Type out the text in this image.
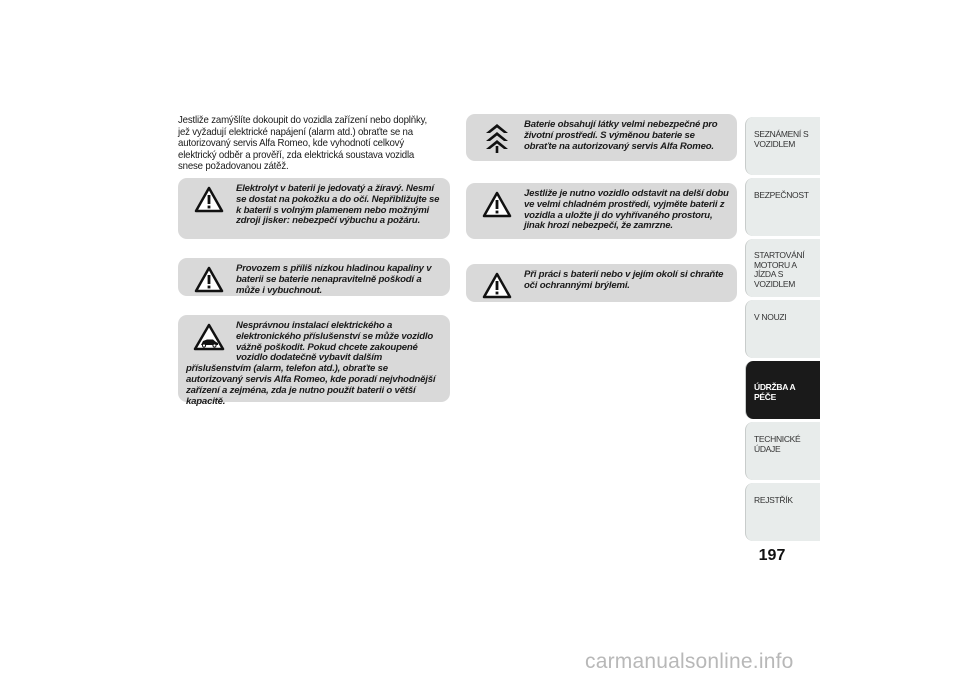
Jestliže zamýšlíte dokoupit do vozidla zařízení nebo doplňky, jež vyžadují elektrické napájení (alarm atd.) obraťte se na autorizovaný servis Alfa Romeo, kde vyhodnotí celkový elektrický odběr a prověří, zda elektrická soustava vozidla snese požadovanou zátěž.
Elektrolyt v baterii je jedovatý a žíravý. Nesmí se dostat na pokožku a do očí. Nepřibližujte se k baterii s volným plamenem nebo možnými zdroji jisker: nebezpečí výbuchu a požáru.
Provozem s příliš nízkou hladinou kapaliny v baterii se baterie nenapravitelně poškodí a může i vybuchnout.
Nesprávnou instalací elektrického a elektronického příslušenství se může vozidlo vážně poškodit. Pokud chcete zakoupené vozidlo dodatečně vybavit dalším příslušenstvím (alarm, telefon atd.), obraťte se autorizovaný servis Alfa Romeo, kde poradí nejvhodnější zařízení a zejména, zda je nutno použít baterii o větší kapacitě.
Baterie obsahují látky velmi nebezpečné pro životní prostředí. S výměnou baterie se obraťte na autorizovaný servis Alfa Romeo.
Jestliže je nutno vozidlo odstavit na delší dobu ve velmi chladném prostředí, vyjměte baterii z vozidla a uložte ji do vyhřívaného prostoru, jinak hrozí nebezpečí, že zamrzne.
Při práci s baterií nebo v jejím okolí si chraňte oči ochrannými brýlemi.
SEZNÁMENÍ S VOZIDLEM
BEZPEČNOST
STARTOVÁNÍ MOTORU A JÍZDA S VOZIDLEM
V NOUZI
ÚDRŽBA A PÉČE
TECHNICKÉ ÚDAJE
REJSTŘÍK
197
carmanualsonline.info
